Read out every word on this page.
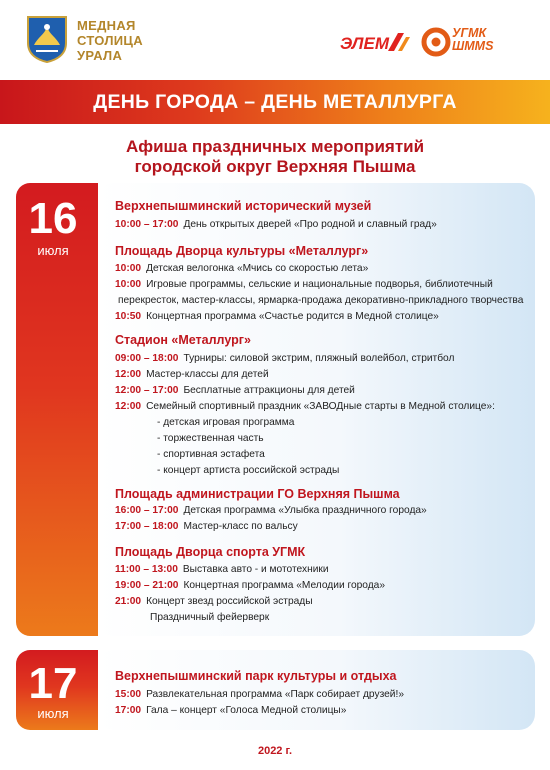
МЕДНАЯ
СТОЛИЦА
УРАЛА
ЭЛЕМ
УГМК
ШМMS
ДЕНЬ ГОРОДА – ДЕНЬ МЕТАЛЛУРГА
Афиша праздничных мероприятий
городской округ Верхняя Пышма
16
июля
Верхнепышминский исторический музей
10:00 – 17:00 День открытых дверей «Про родной и славный град»
Площадь Дворца культуры «Металлург»
10:00 Детская велогонка «Мчись со скоростью лета»
10:00 Игровые программы, сельские и национальные подворья, библиотечный
перекресток, мастер-классы, ярмарка-продажа декоративно-прикладного творчества
10:50 Концертная программа «Счастье родится в Медной столице»
Стадион «Металлург»
09:00 – 18:00 Турниры: силовой экстрим, пляжный волейбол, стритбол
12:00 Мастер-классы для детей
12:00 – 17:00 Бесплатные аттракционы для детей
12:00 Семейный спортивный праздник «ЗАВОДные старты в Медной столице»:
- детская игровая программа
- торжественная часть
- спортивная эстафета
- концерт артиста российской эстрады
Площадь администрации ГО Верхняя Пышма
16:00 – 17:00 Детская программа «Улыбка праздничного города»
17:00 – 18:00 Мастер-класс по вальсу
Площадь Дворца спорта УГМК
11:00 – 13:00 Выставка авто - и мототехники
19:00 – 21:00 Концертная программа «Мелодии города»
21:00 Концерт звезд российской эстрады
Праздничный фейерверк
17
июля
Верхнепышминский парк культуры и отдыха
15:00 Развлекательная программа «Парк собирает друзей!»
17:00 Гала – концерт «Голоса Медной столицы»
2022 г.
